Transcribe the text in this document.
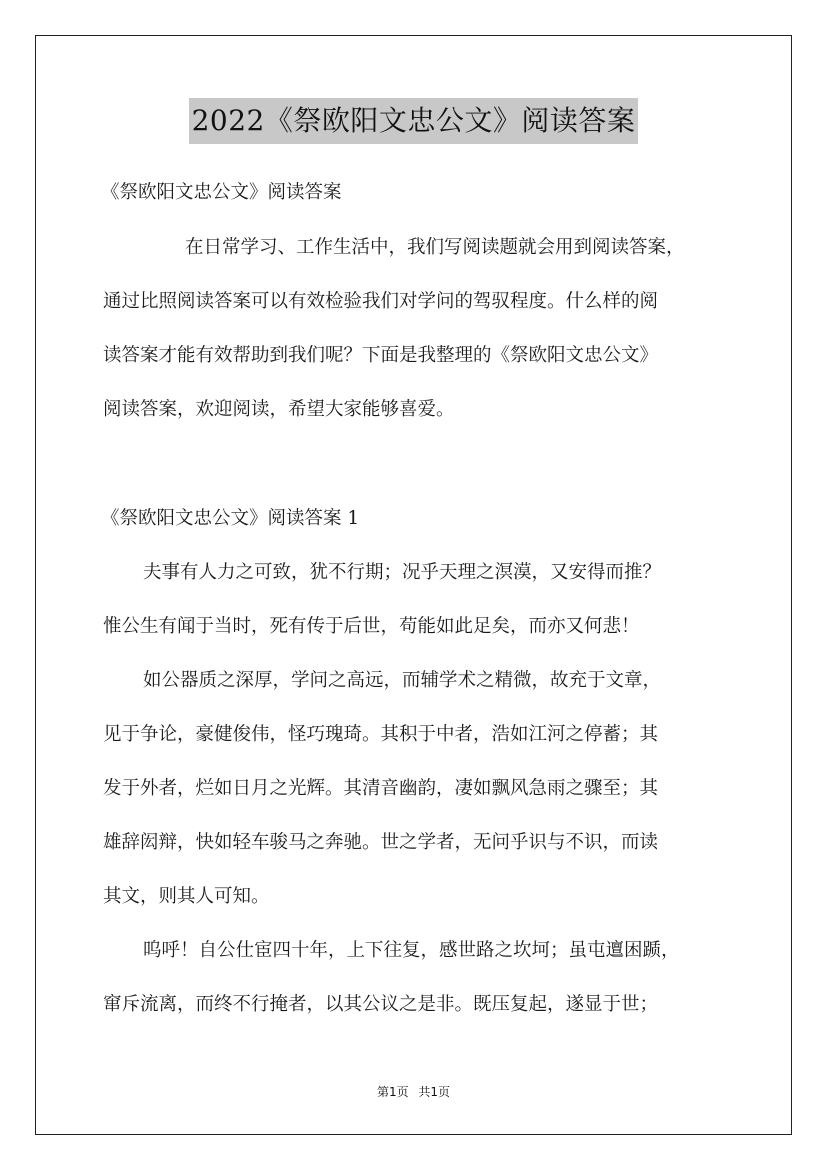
2022《祭欧阳文忠公文》阅读答案
《祭欧阳文忠公文》阅读答案
在日常学习、工作生活中，我们写阅读题就会用到阅读答案，
通过比照阅读答案可以有效检验我们对学问的驾驭程度。什么样的阅
读答案才能有效帮助到我们呢？下面是我整理的《祭欧阳文忠公文》
阅读答案，欢迎阅读，希望大家能够喜爱。
《祭欧阳文忠公文》阅读答案 1
夫事有人力之可致，犹不行期；况乎天理之溟漠，又安得而推？
惟公生有闻于当时，死有传于后世，苟能如此足矣，而亦又何悲！
如公器质之深厚，学问之高远，而辅学术之精微，故充于文章，
见于争论，豪健俊伟，怪巧瑰琦。其积于中者，浩如江河之停蓄；其
发于外者，烂如日月之光辉。其清音幽韵，凄如飘风急雨之骤至；其
雄辞闳辩，快如轻车骏马之奔驰。世之学者，无问乎识与不识，而读
其文，则其人可知。
呜呼！自公仕宦四十年，上下往复，感世路之坎坷；虽屯邅困踬，
窜斥流离，而终不行掩者，以其公议之是非。既压复起，遂显于世；
第1页 共1页
